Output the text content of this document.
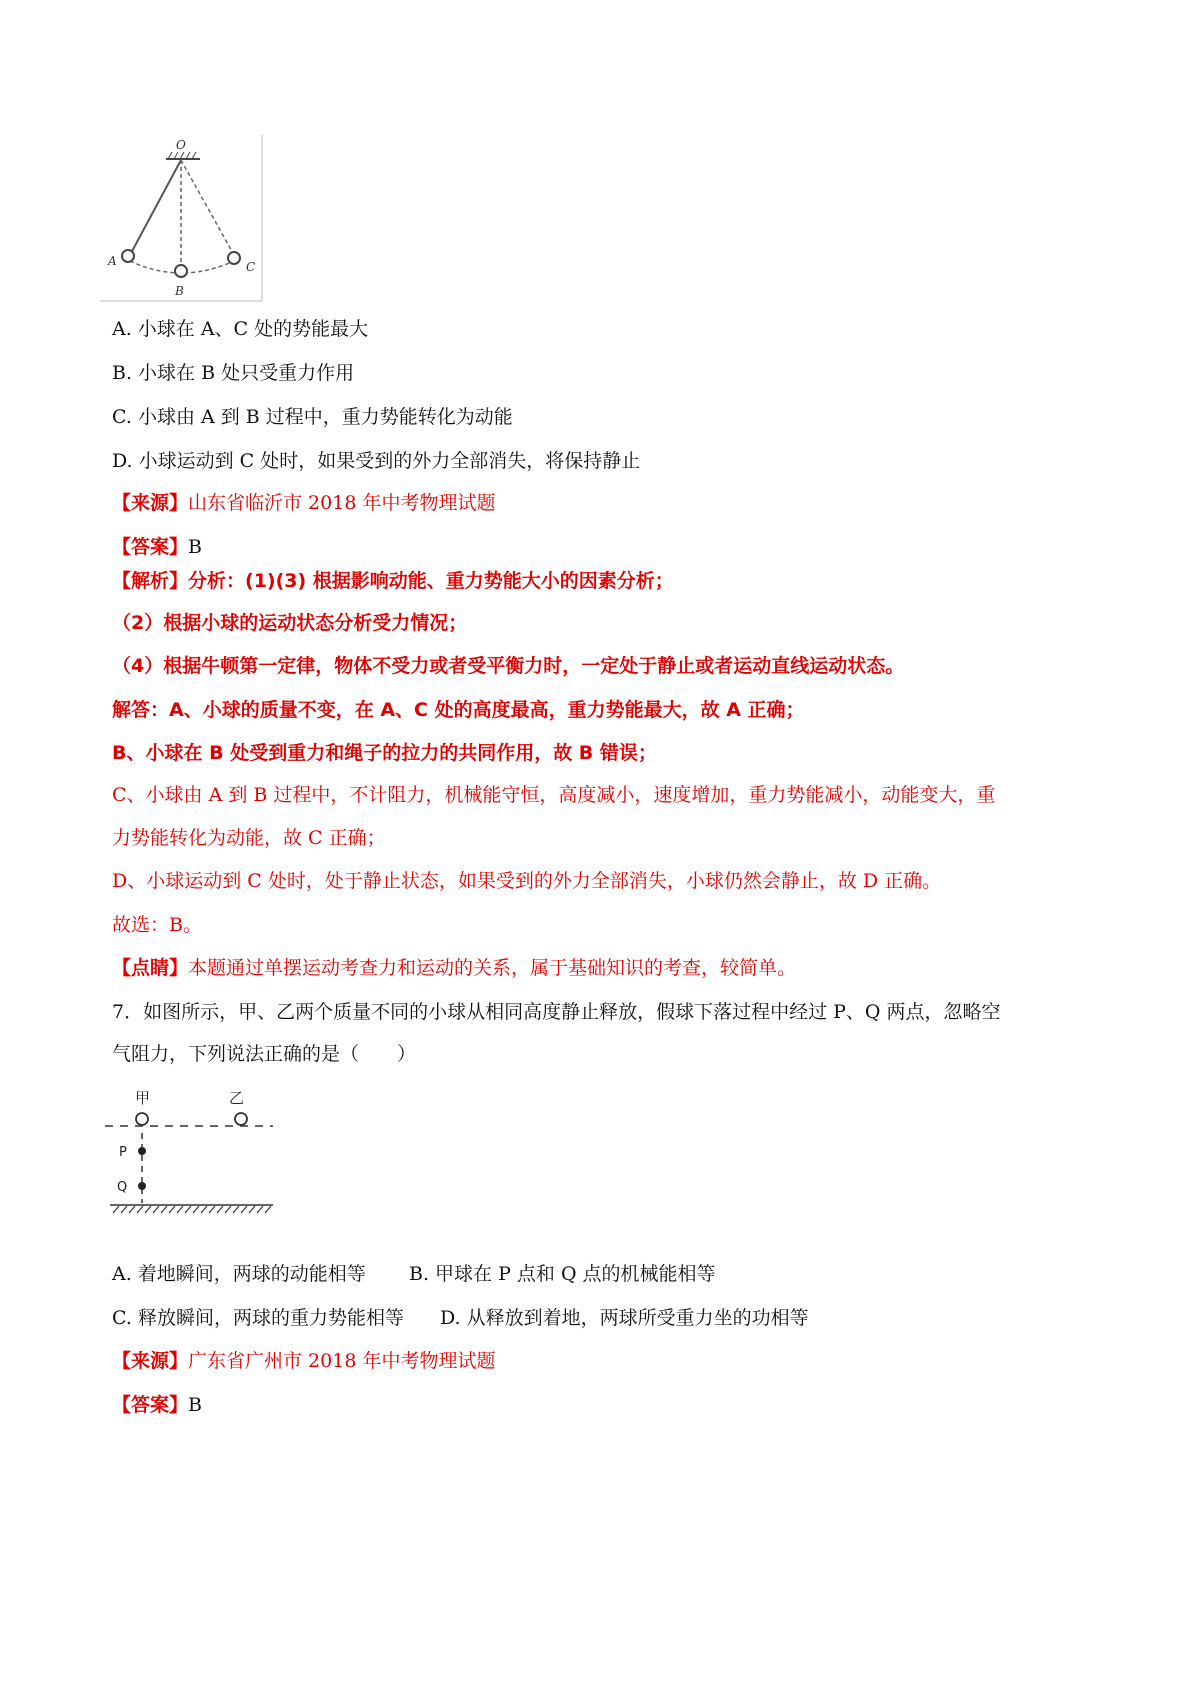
O
A
B
C
A. 小球在 A、C 处的势能最大
B. 小球在 B 处只受重力作用
C. 小球由 A 到 B 过程中，重力势能转化为动能
D. 小球运动到 C 处时，如果受到的外力全部消失，将保持静止
【来源】山东省临沂市 2018 年中考物理试题
【答案】B
【解析】分析：(1)(3) 根据影响动能、重力势能大小的因素分析；
（2）根据小球的运动状态分析受力情况；
（4）根据牛顿第一定律，物体不受力或者受平衡力时，一定处于静止或者运动直线运动状态。
解答：A、小球的质量不变，在 A、C 处的高度最高，重力势能最大，故 A 正确；
B、小球在 B 处受到重力和绳子的拉力的共同作用，故 B 错误；
C、小球由 A 到 B 过程中，不计阻力，机械能守恒，高度减小，速度增加，重力势能减小，动能变大，重
力势能转化为动能，故 C 正确；
D、小球运动到 C 处时，处于静止状态，如果受到的外力全部消失，小球仍然会静止，故 D 正确。
故选：B。
【点睛】本题通过单摆运动考查力和运动的关系，属于基础知识的考查，较简单。
7．如图所示，甲、乙两个质量不同的小球从相同高度静止释放，假球下落过程中经过 P、Q 两点，忽略空
气阻力，下列说法正确的是（　　）
甲	乙
P
Q
A. 着地瞬间，两球的动能相等 B. 甲球在 P 点和 Q 点的机械能相等
C. 释放瞬间，两球的重力势能相等 D. 从释放到着地，两球所受重力坐的功相等
【来源】广东省广州市 2018 年中考物理试题
【答案】B
